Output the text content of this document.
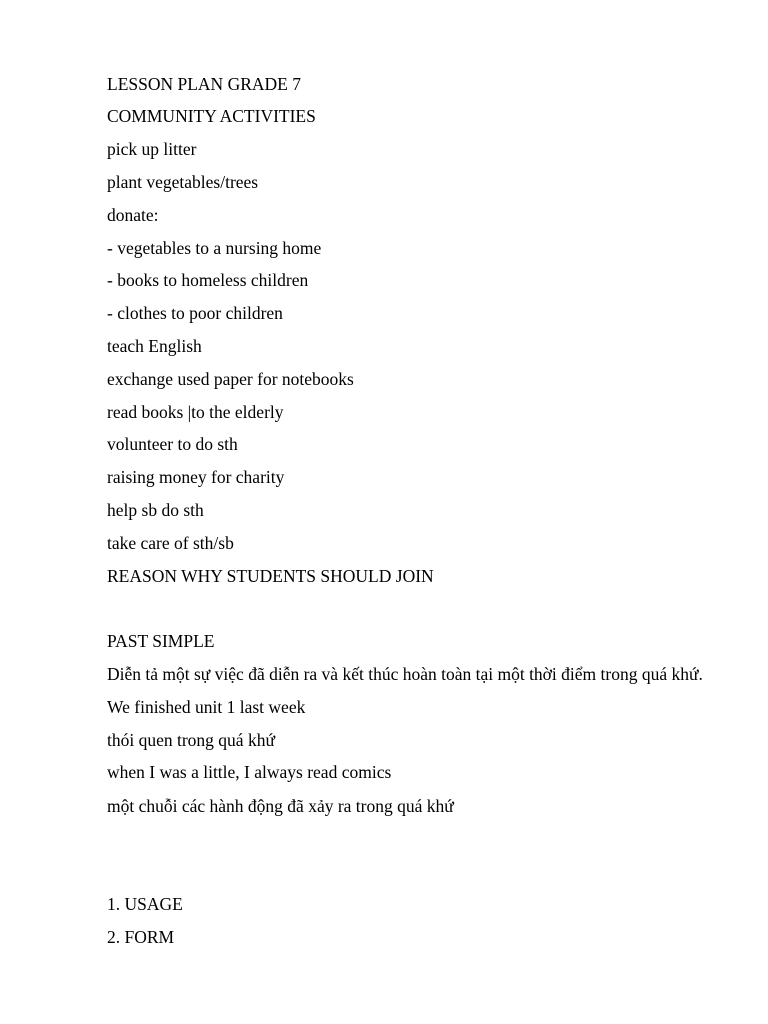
LESSON PLAN GRADE 7
COMMUNITY ACTIVITIES
pick up litter
plant vegetables/trees
donate:
- vegetables to a nursing home
- books to homeless children
- clothes to poor children
teach English
exchange used paper for notebooks
read books |to the elderly
volunteer to do sth
raising money for charity
help sb do sth
take care of sth/sb
REASON WHY STUDENTS SHOULD JOIN
PAST SIMPLE
Diễn tả một sự việc đã diễn ra và kết thúc hoàn toàn tại một thời điểm trong quá khứ.
We finished unit 1 last week
thói quen trong quá khứ
when I was a little, I always read comics
một chuỗi các hành động đã xảy ra trong quá khứ
1. USAGE
2. FORM
